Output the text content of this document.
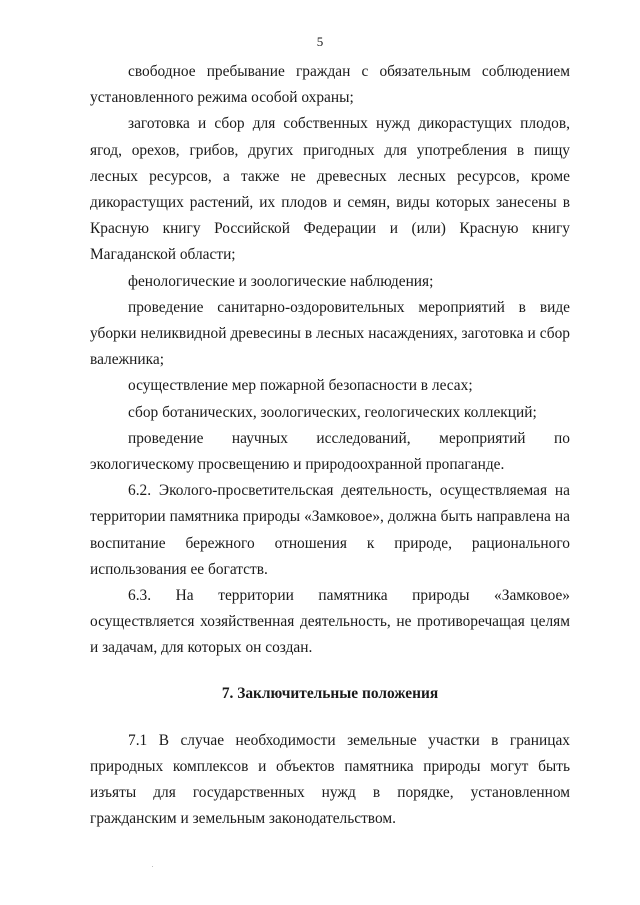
5

свободное пребывание граждан с обязательным соблюдением установленного режима особой охраны;

заготовка и сбор для собственных нужд дикорастущих плодов, ягод, орехов, грибов, других пригодных для употребления в пищу лесных ресурсов, а также не древесных лесных ресурсов, кроме дикорастущих растений, их плодов и семян, виды которых занесены в Красную книгу Российской Федерации и (или) Красную книгу Магаданской области;

фенологические и зоологические наблюдения;

проведение санитарно-оздоровительных мероприятий в виде уборки неликвидной древесины в лесных насаждениях, заготовка и сбор валежника;

осуществление мер пожарной безопасности в лесах;

сбор ботанических, зоологических, геологических коллекций;

проведение научных исследований, мероприятий по экологическому просвещению и природоохранной пропаганде.

6.2. Эколого-просветительская деятельность, осуществляемая на территории памятника природы «Замковое», должна быть направлена на воспитание бережного отношения к природе, рационального использования ее богатств.

6.3. На территории памятника природы «Замковое» осуществляется хозяйственная деятельность, не противоречащая целям и задачам, для которых он создан.

7. Заключительные положения

7.1 В случае необходимости земельные участки в границах природных комплексов и объектов памятника природы могут быть изъяты для государственных нужд в порядке, установленном гражданским и земельным законодательством.
